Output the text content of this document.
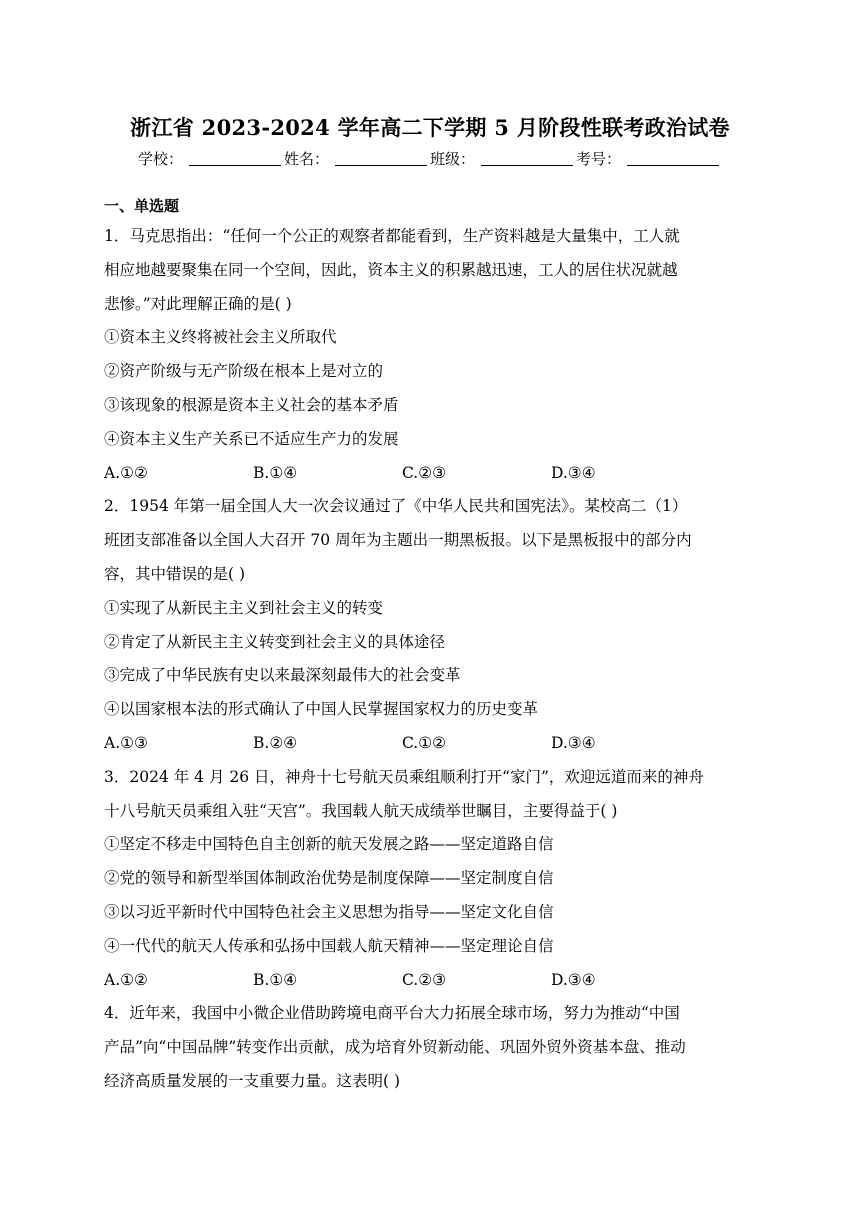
浙江省 2023-2024 学年高二下学期 5 月阶段性联考政治试卷
学校：	姓名：	班级：	考号：
一、单选题
1．马克思指出：“任何一个公正的观察者都能看到，生产资料越是大量集中，工人就
相应地越要聚集在同一个空间，因此，资本主义的积累越迅速，工人的居住状况就越
悲惨。”对此理解正确的是( )
①资本主义终将被社会主义所取代
②资产阶级与无产阶级在根本上是对立的
③该现象的根源是资本主义社会的基本矛盾
④资本主义生产关系已不适应生产力的发展
A.①②	B.①④	C.②③	D.③④
2．1954 年第一届全国人大一次会议通过了《中华人民共和国宪法》。某校高二（1）
班团支部准备以全国人大召开 70 周年为主题出一期黑板报。以下是黑板报中的部分内
容，其中错误的是( )
①实现了从新民主主义到社会主义的转变
②肯定了从新民主主义转变到社会主义的具体途径
③完成了中华民族有史以来最深刻最伟大的社会变革
④以国家根本法的形式确认了中国人民掌握国家权力的历史变革
A.①③	B.②④	C.①②	D.③④
3．2024 年 4 月 26 日，神舟十七号航天员乘组顺利打开“家门”，欢迎远道而来的神舟
十八号航天员乘组入驻“天宫”。我国载人航天成绩举世瞩目，主要得益于( )
①坚定不移走中国特色自主创新的航天发展之路——坚定道路自信
②党的领导和新型举国体制政治优势是制度保障——坚定制度自信
③以习近平新时代中国特色社会主义思想为指导——坚定文化自信
④一代代的航天人传承和弘扬中国载人航天精神——坚定理论自信
A.①②	B.①④	C.②③	D.③④
4．近年来，我国中小微企业借助跨境电商平台大力拓展全球市场，努力为推动“中国
产品”向“中国品牌”转变作出贡献，成为培育外贸新动能、巩固外贸外资基本盘、推动
经济高质量发展的一支重要力量。这表明( )
